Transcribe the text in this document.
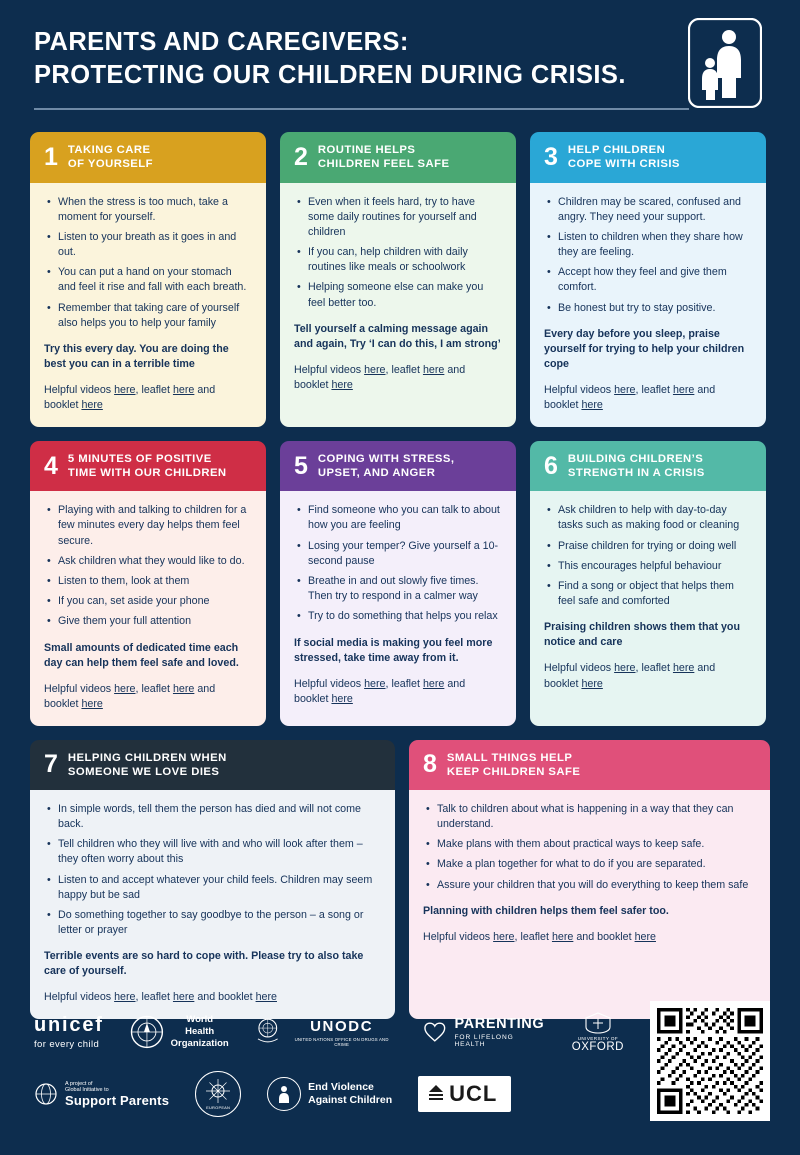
PARENTS AND CAREGIVERS:
PROTECTING OUR CHILDREN DURING CRISIS.
1 TAKING CARE
OF YOURSELF
• When the stress is too much, take a moment for yourself.
• Listen to your breath as it goes in and out.
• You can put a hand on your stomach and feel it rise and fall with each breath.
• Remember that taking care of yourself also helps you to help your family
Try this every day. You are doing the best you can in a terrible time
Helpful videos here, leaflet here and booklet here
2 ROUTINE HELPS
CHILDREN FEEL SAFE
• Even when it feels hard, try to have some daily routines for yourself and children
• If you can, help children with daily routines like meals or schoolwork
• Helping someone else can make you feel better too.
Tell yourself a calming message again and again, Try ‘I can do this, I am strong’
Helpful videos here, leaflet here and booklet here
3 HELP CHILDREN
COPE WITH CRISIS
• Children may be scared, confused and angry. They need your support.
• Listen to children when they share how they are feeling.
• Accept how they feel and give them comfort.
• Be honest but try to stay positive.
Every day before you sleep, praise yourself for trying to help your children cope
Helpful videos here, leaflet here and booklet here
4 5 MINUTES OF POSITIVE
TIME WITH OUR CHILDREN
• Playing with and talking to children for a few minutes every day helps them feel secure.
• Ask children what they would like to do.
• Listen to them, look at them
• If you can, set aside your phone
• Give them your full attention
Small amounts of dedicated time each day can help them feel safe and loved.
Helpful videos here, leaflet here and booklet here
5 COPING WITH STRESS,
UPSET, AND ANGER
• Find someone who you can talk to about how you are feeling
• Losing your temper? Give yourself a 10-second pause
• Breathe in and out slowly five times. Then try to respond in a calmer way
• Try to do something that helps you relax
If social media is making you feel more stressed, take time away from it.
Helpful videos here, leaflet here and booklet here
6 BUILDING CHILDREN’S
STRENGTH IN A CRISIS
• Ask children to help with day-to-day tasks such as making food or cleaning
• Praise children for trying or doing well
• This encourages helpful behaviour
• Find a song or object that helps them feel safe and comforted
Praising children shows them that you notice and care
Helpful videos here, leaflet here and booklet here
7 HELPING CHILDREN WHEN
SOMEONE WE LOVE DIES
• In simple words, tell them the person has died and will not come back.
• Tell children who they will live with and who will look after them – they often worry about this
• Listen to and accept whatever your child feels. Children may seem happy but be sad
• Do something together to say goodbye to the person – a song or letter or prayer
Terrible events are so hard to cope with. Please try to also take care of yourself.
Helpful videos here, leaflet here and booklet here
8 SMALL THINGS HELP
KEEP CHILDREN SAFE
• Talk to children about what is happening in a way that they can understand.
• Make plans with them about practical ways to keep safe.
• Make a plan together for what to do if you are separated.
• Assure your children that you will do everything to keep them safe
Planning with children helps them feel safer too.
Helpful videos here, leaflet here and booklet here
unicef
for every child
World Health
Organization
UNODC
UNITED NATIONS OFFICE ON DRUGS AND CRIME
PARENTING
FOR LIFELONG HEALTH
UNIVERSITY OF
OXFORD
A project of
Global Initiative to
Support Parents	EUROPEAN
End Violence
Against Children	UCL
